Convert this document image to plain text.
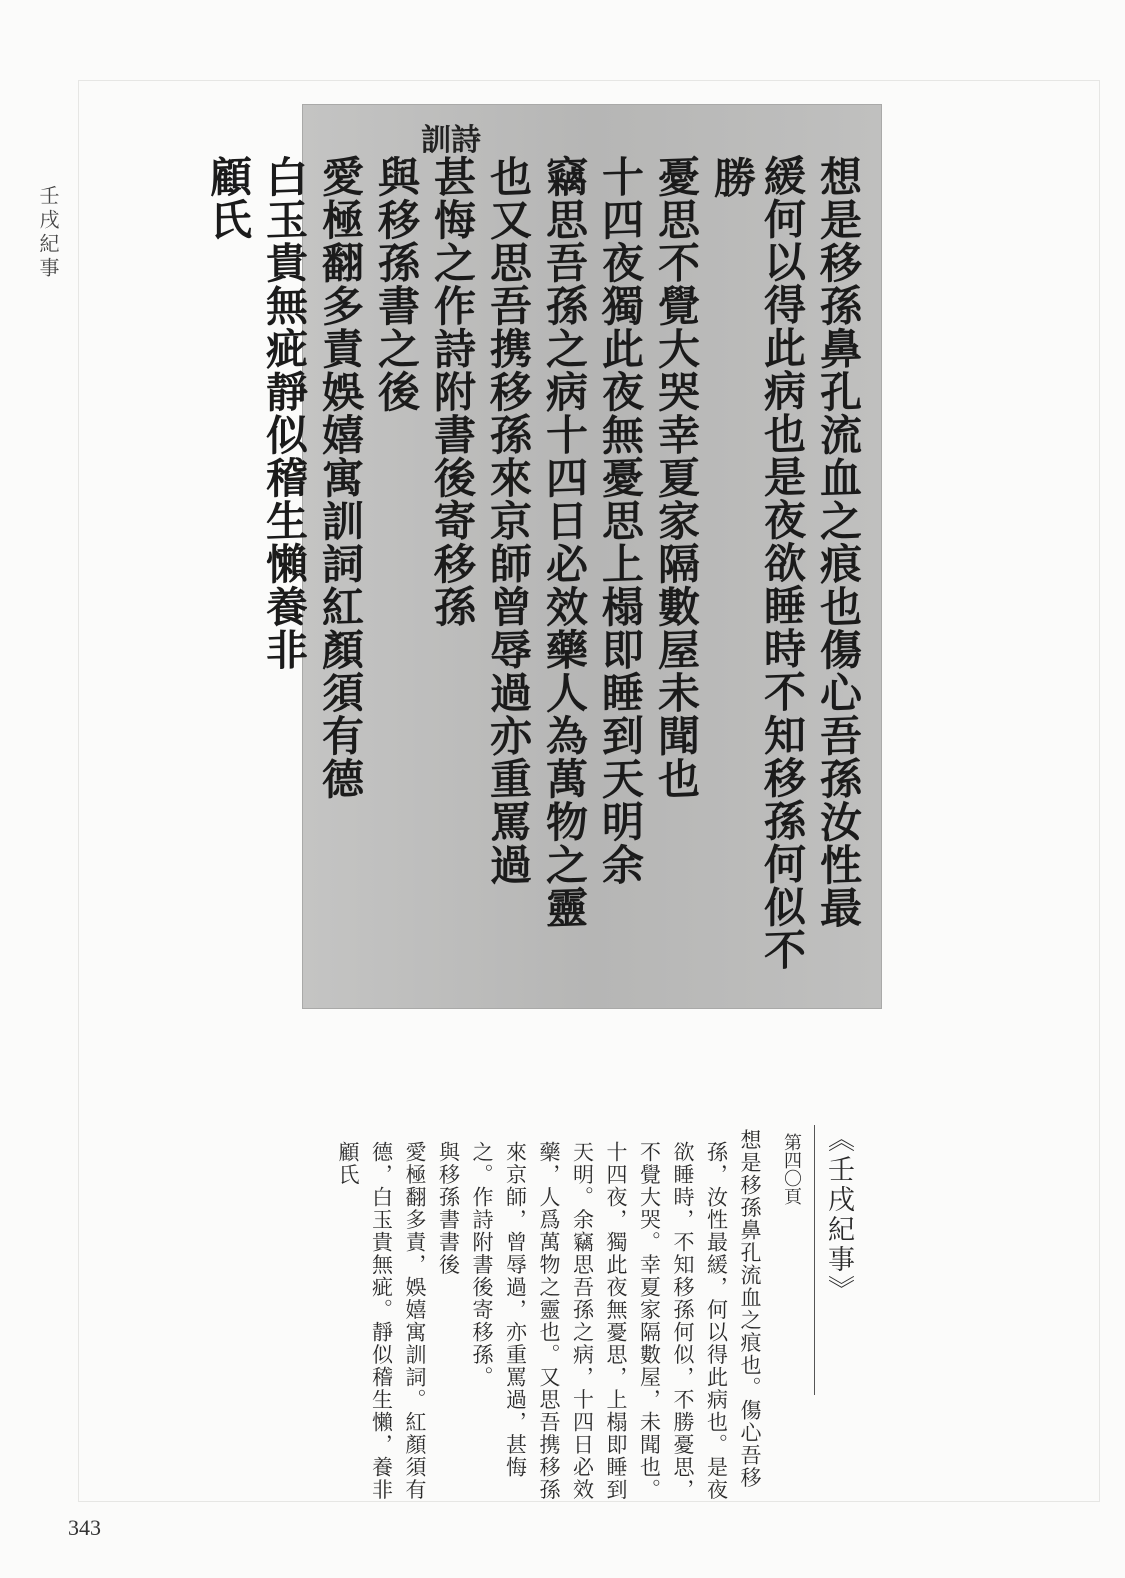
壬戌紀事
訓詩
想是移孫鼻孔流血之痕也傷心吾孫汝性最
緩何以得此病也是夜欲睡時不知移孫何似不勝
憂思不覺大哭幸夏家隔數屋未聞也
十四夜獨此夜無憂思上榻即睡到天明余
竊思吾孫之病十四日必效藥人為萬物之靈
也又思吾携移孫來京師曾辱過亦重罵過
甚悔之作詩附書後寄移孫
與移孫書之後
愛極翻多責娛嬉寓訓詞紅顏須有德
白玉貴無疵靜似稽生懶養非
顧氏
《壬戌紀事》
第四〇頁
想是移孫鼻孔流血之痕也。傷心吾移
孫，汝性最緩，何以得此病也。是夜
欲睡時，不知移孫何似，不勝憂思，
不覺大哭。幸夏家隔數屋，未聞也。
十四夜，獨此夜無憂思，上榻即睡到
天明。余竊思吾孫之病，十四日必效
藥，人爲萬物之靈也。又思吾携移孫
來京師，曾辱過，亦重罵過，甚悔
之。作詩附書後寄移孫。
與移孫書書後
愛極翻多責，娛嬉寓訓詞。紅顏須有
德，白玉貴無疵。靜似稽生懶，養非
顧氏
343
